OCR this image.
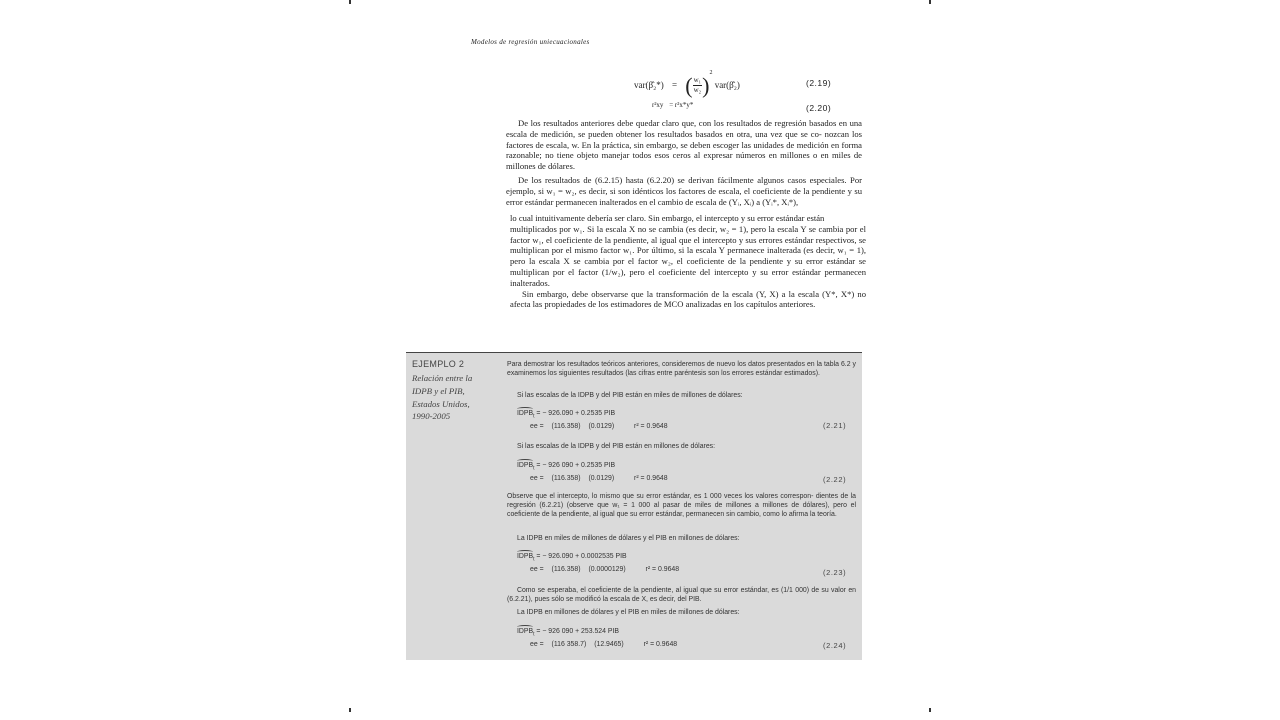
Modelos de regresión uniecuacionales
var(β̂₂*) = ( $\frac{\text{w₁}}{\text{w₂}} )^2$ var(β̂₂)	(2.19)
r²xy = r²x*y*	(2.20)

De los resultados anteriores debe quedar claro que, con los resultados de regresión basados en una escala de medición, se pueden obtener los resultados basados en otra, una vez que se co- nozcan los factores de escala, w. En la práctica, sin embargo, se deben escoger las unidades de medición en forma razonable; no tiene objeto manejar todos esos ceros al expresar números en millones o en miles de millones de dólares.

De los resultados de (6.2.15) hasta (6.2.20) se derivan fácilmente algunos casos especiales. Por ejemplo, si w₁ = w₂, es decir, si son idénticos los factores de escala, el coeficiente de la pendiente y su error estándar permanecen inalterados en el cambio de escala de (Yᵢ, Xᵢ) a (Yᵢ*, Xᵢ*),

lo cual intuitivamente debería ser claro. Sin embargo, el intercepto y su error estándar están

multiplicados por w₁. Si la escala X no se cambia (es decir, w₂ = 1), pero la escala Y se cambia por el factor w₁, el coeficiente de la pendiente, al igual que el intercepto y sus errores estándar respectivos, se multiplican por el mismo factor w₁. Por último, si la escala Y permanece inalterada (es decir, w₁ = 1), pero la escala X se cambia por el factor w₂, el coeficiente de la pendiente y su error estándar se multiplican por el factor (1/w₂), pero el coeficiente del intercepto y su error estándar permanecen inalterados.

Sin embargo, debe observarse que la transformación de la escala (Y, X) a la escala (Y*, X*) no afecta las propiedades de los estimadores de MCO analizadas en los capítulos anteriores.

EJEMPLO 2
Relación entre la IDPB y el PIB, Estados Unidos, 1990-2005
Para demostrar los resultados teóricos anteriores, consideremos de nuevo los datos presentados en la tabla 6.2 y examinemos los siguientes resultados (las cifras entre paréntesis son los errores estándar estimados).
Si las escalas de la IDPB y del PIB están en miles de millones de dólares:
$IDPB_t$ = − 926.090 + 0.2535 PIB
ee = (116.358) (0.0129)	r² = 0.9648	(2.21)
Si las escalas de la IDPB y del PIB están en millones de dólares:
$IDPB_t$ = − 926 090 + 0.2535 PIB
ee = (116.358) (0.0129)	r² = 0.9648	(2.22)
Observe que el intercepto, lo mismo que su error estándar, es 1 000 veces los valores correspon- dientes de la regresión (6.2.21) (observe que w₁ = 1 000 al pasar de miles de millones a millones de dólares), pero el coeficiente de la pendiente, al igual que su error estándar, permanecen sin cambio, como lo afirma la teoría.
La IDPB en miles de millones de dólares y el PIB en millones de dólares:
$IDPB_t$ = − 926.090 + 0.0002535 PIB
ee = (116.358) (0.0000129)	r² = 0.9648	(2.23)
Como se esperaba, el coeficiente de la pendiente, al igual que su error estándar, es (1/1 000) de su valor en (6.2.21), pues sólo se modificó la escala de X, es decir, del PIB.
La IDPB en millones de dólares y el PIB en miles de millones de dólares:
$IDPB_t$ = − 926 090 + 253.524 PIB
ee = (116 358.7) (12.9465)	r² = 0.9648	(2.24)
